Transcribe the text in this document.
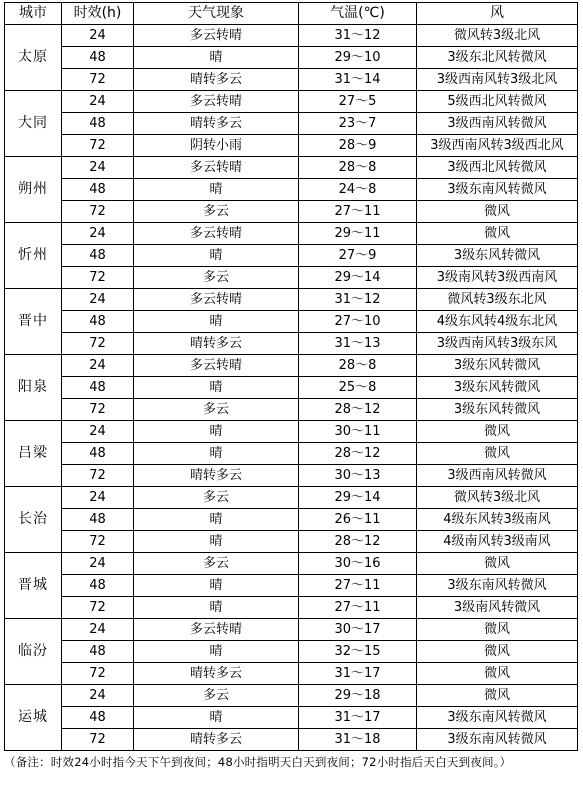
城市	时效(h)	天气现象	气温(℃)	风
太原	24	多云转晴	31～12	微风转3级北风
	48	晴	29～10	3级东北风转微风
	72	晴转多云	31～14	3级西南风转3级北风
大同	24	多云转晴	27～5	5级西北风转微风
	48	晴转多云	23～7	3级西南风转微风
	72	阴转小雨	28～9	3级西南风转3级西北风
朔州	24	多云转晴	28～8	3级西北风转微风
	48	晴	24～8	3级东南风转微风
	72	多云	27～11	微风
忻州	24	多云转晴	29～11	微风
	48	晴	27～9	3级东风转微风
	72	多云	29～14	3级南风转3级西南风
晋中	24	多云转晴	31～12	微风转3级东北风
	48	晴	27～10	4级东风转4级东北风
	72	晴转多云	31～13	3级西南风转3级东风
阳泉	24	多云转晴	28～8	3级东风转微风
	48	晴	25～8	3级东风转微风
	72	多云	28～12	3级东风转微风
吕梁	24	晴	30～11	微风
	48	晴	28～12	微风
	72	晴转多云	30～13	3级西南风转微风
长治	24	多云	29～14	微风转3级北风
	48	晴	26～11	4级东风转3级南风
	72	晴	28～12	4级南风转3级南风
晋城	24	多云	30～16	微风
	48	晴	27～11	3级东南风转微风
	72	晴	27～11	3级南风转微风
临汾	24	多云转晴	30～17	微风
	48	晴	32～15	微风
	72	晴转多云	31～17	微风
运城	24	多云	29～18	微风
	48	晴	31～17	3级东南风转微风
	72	晴转多云	31～18	3级东南风转微风
（备注：时效24小时指今天下午到夜间；48小时指明天白天到夜间；72小时指后天白天到夜间。）
